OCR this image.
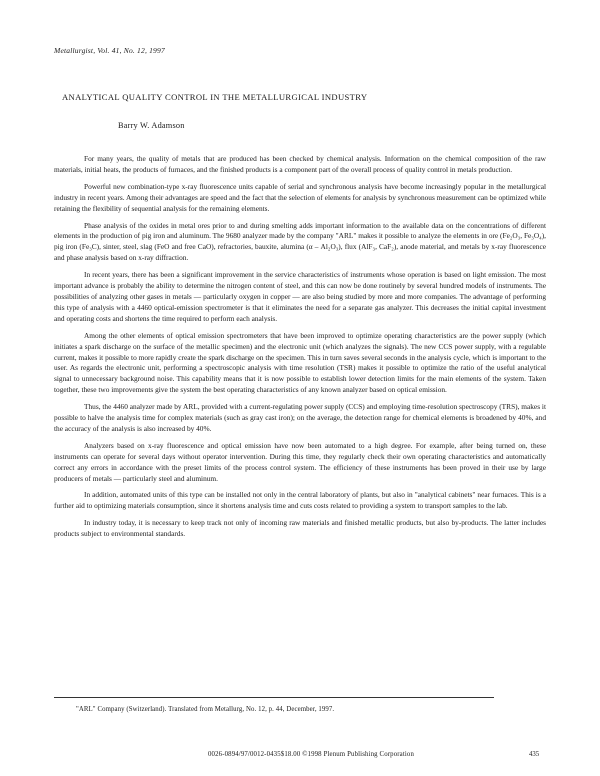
Metallurgist, Vol. 41, No. 12, 1997
ANALYTICAL QUALITY CONTROL IN THE METALLURGICAL INDUSTRY
Barry W. Adamson

For many years, the quality of metals that are produced has been checked by chemical analysis. Information on the chemical composition of the raw materials, initial heats, the products of furnaces, and the finished products is a component part of the overall process of quality control in metals production.

Powerful new combination-type x-ray fluorescence units capable of serial and synchronous analysis have become increasingly popular in the metallurgical industry in recent years. Among their advantages are speed and the fact that the selection of elements for analysis by synchronous measurement can be optimized while retaining the flexibility of sequential analysis for the remaining elements.

Phase analysis of the oxides in metal ores prior to and during smelting adds important information to the available data on the concentrations of different elements in the production of pig iron and aluminum. The 9680 analyzer made by the company "ARL" makes it possible to analyze the elements in ore (Fe₂O₃, Fe₃O₄), pig iron (Fe₃C), sinter, steel, slag (FeO and free CaO), refractories, bauxite, alumina (α – Al₂O₃), flux (AlF₃, CaF₂), anode material, and metals by x-ray fluorescence and phase analysis based on x-ray diffraction.

In recent years, there has been a significant improvement in the service characteristics of instruments whose operation is based on light emission. The most important advance is probably the ability to determine the nitrogen content of steel, and this can now be done routinely by several hundred models of instruments. The possibilities of analyzing other gases in metals — particularly oxygen in copper — are also being studied by more and more companies. The advantage of performing this type of analysis with a 4460 optical-emission spectrometer is that it eliminates the need for a separate gas analyzer. This decreases the initial capital investment and operating costs and shortens the time required to perform each analysis.

Among the other elements of optical emission spectrometers that have been improved to optimize operating characteristics are the power supply (which initiates a spark discharge on the surface of the metallic specimen) and the electronic unit (which analyzes the signals). The new CCS power supply, with a regulable current, makes it possible to more rapidly create the spark discharge on the specimen. This in turn saves several seconds in the analysis cycle, which is important to the user. As regards the electronic unit, performing a spectroscopic analysis with time resolution (TSR) makes it possible to optimize the ratio of the useful analytical signal to unnecessary background noise. This capability means that it is now possible to establish lower detection limits for the main elements of the system. Taken together, these two improvements give the system the best operating characteristics of any known analyzer based on optical emission.

Thus, the 4460 analyzer made by ARL, provided with a current-regulating power supply (CCS) and employing time-resolution spectroscopy (TRS), makes it possible to halve the analysis time for complex materials (such as gray cast iron); on the average, the detection range for chemical elements is broadened by 40%, and the accuracy of the analysis is also increased by 40%.

Analyzers based on x-ray fluorescence and optical emission have now been automated to a high degree. For example, after being turned on, these instruments can operate for several days without operator intervention. During this time, they regularly check their own operating characteristics and automatically correct any errors in accordance with the preset limits of the process control system. The efficiency of these instruments has been proved in their use by large producers of metals — particularly steel and aluminum.

In addition, automated units of this type can be installed not only in the central laboratory of plants, but also in "analytical cabinets" near furnaces. This is a further aid to optimizing materials consumption, since it shortens analysis time and cuts costs related to providing a system to transport samples to the lab.

In industry today, it is necessary to keep track not only of incoming raw materials and finished metallic products, but also by-products. The latter includes products subject to environmental standards.

"ARL" Company (Switzerland). Translated from Metallurg, No. 12, p. 44, December, 1997.
0026-0894/97/0012-0435$18.00 ©1998 Plenum Publishing Corporation	435
